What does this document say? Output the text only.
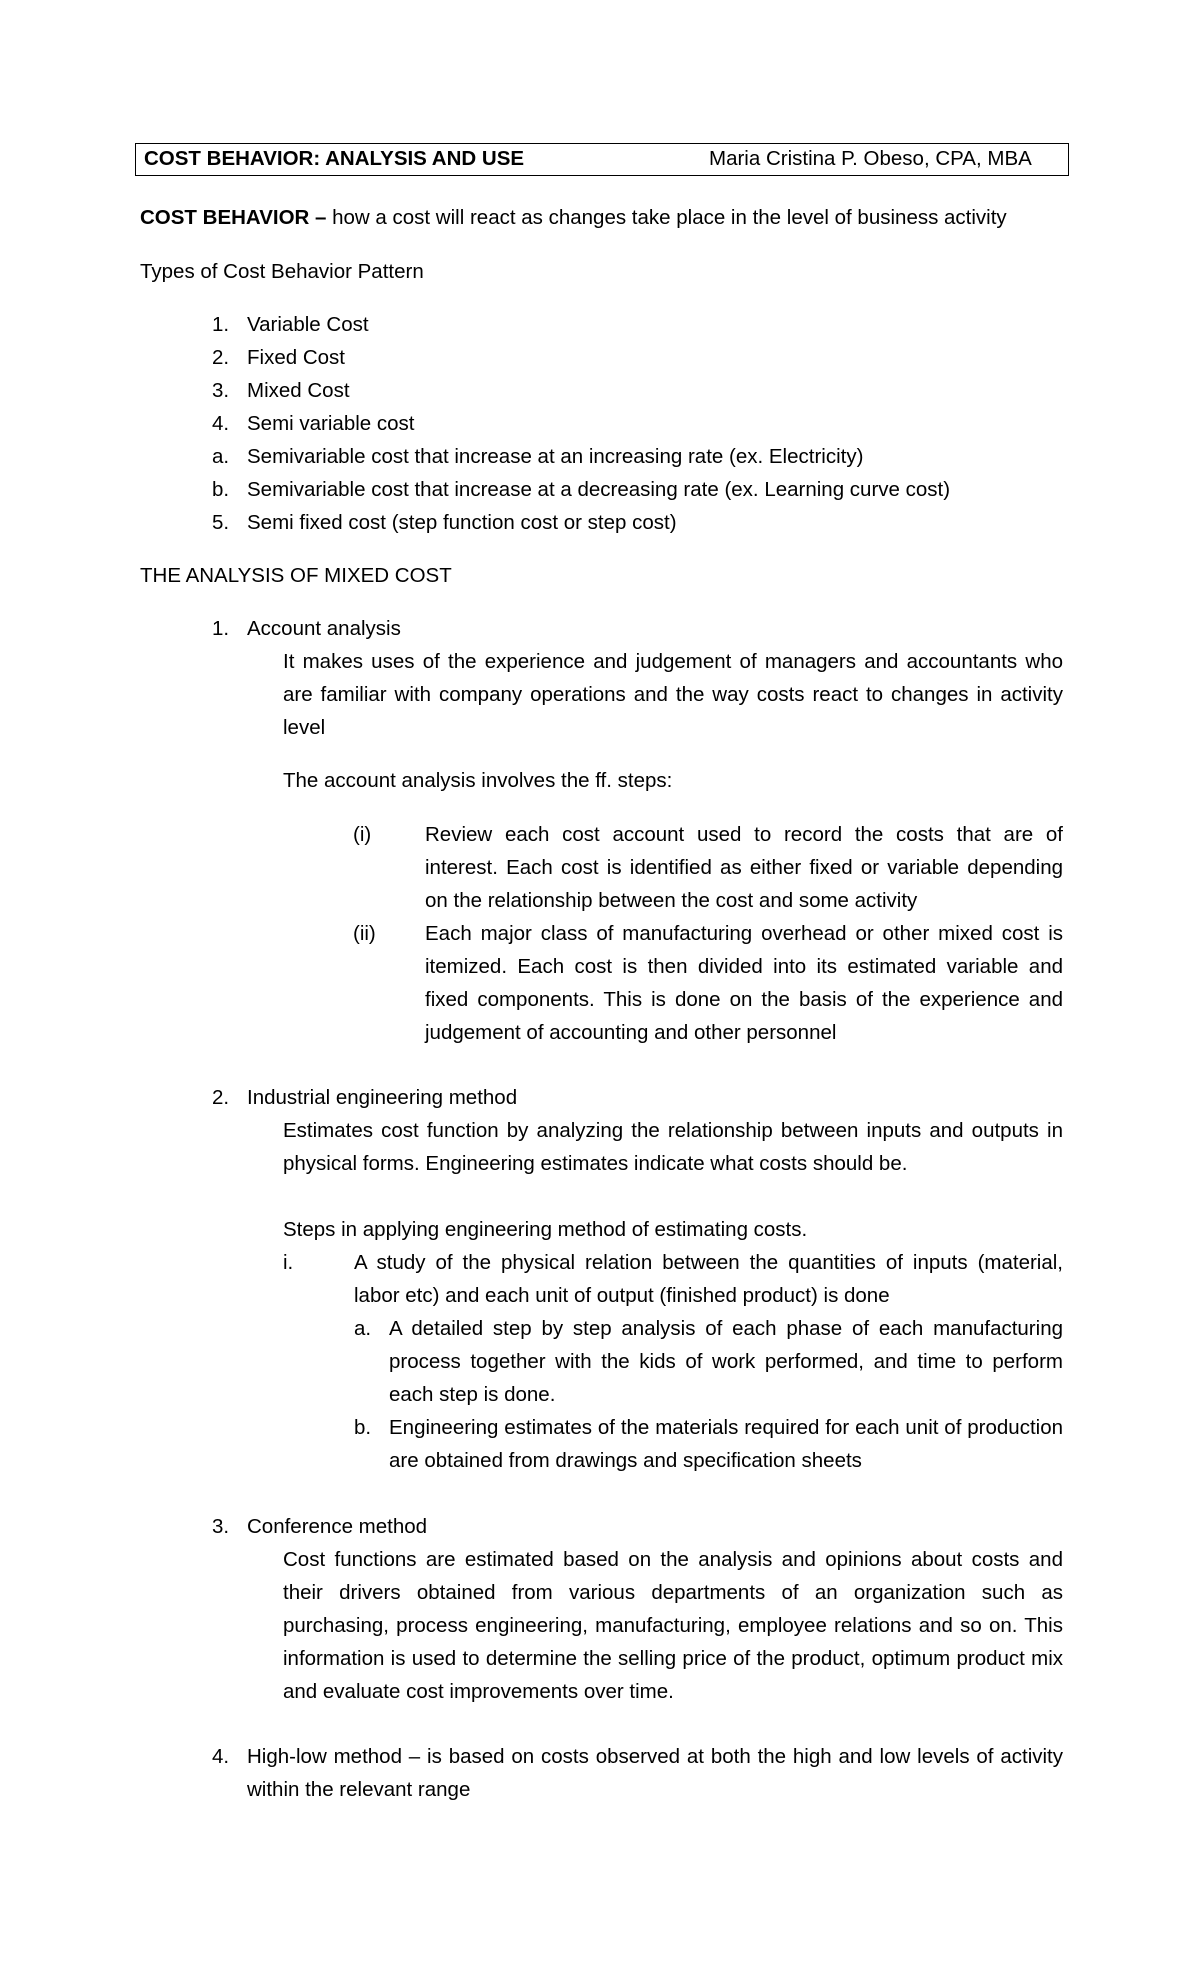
COST BEHAVIOR: ANALYSIS AND USE	Maria Cristina P. Obeso, CPA, MBA
COST BEHAVIOR – how a cost will react as changes take place in the level of business activity
Types of Cost Behavior Pattern
1. Variable Cost
2. Fixed Cost
3. Mixed Cost
4. Semi variable cost
a. Semivariable cost that increase at an increasing rate (ex. Electricity)
b. Semivariable cost that increase at a decreasing rate (ex. Learning curve cost)
5. Semi fixed cost (step function cost or step cost)
THE ANALYSIS OF MIXED COST
1. Account analysis
It makes uses of the experience and judgement of managers and accountants who are familiar with company operations and the way costs react to changes in activity level
The account analysis involves the ff. steps:
(i)	Review each cost account used to record the costs that are of interest. Each cost is identified as either fixed or variable depending on the relationship between the cost and some activity
(ii) Each major class of manufacturing overhead or other mixed cost is itemized. Each cost is then divided into its estimated variable and fixed components. This is done on the basis of the experience and judgement of accounting and other personnel
2. Industrial engineering method
Estimates cost function by analyzing the relationship between inputs and outputs in physical forms. Engineering estimates indicate what costs should be.
Steps in applying engineering method of estimating costs.
i.	A study of the physical relation between the quantities of inputs (material, labor etc) and each unit of output (finished product) is done
a. A detailed step by step analysis of each phase of each manufacturing process together with the kids of work performed, and time to perform each step is done.
b. Engineering estimates of the materials required for each unit of production are obtained from drawings and specification sheets
3. Conference method
Cost functions are estimated based on the analysis and opinions about costs and their drivers obtained from various departments of an organization such as purchasing, process engineering, manufacturing, employee relations and so on. This information is used to determine the selling price of the product, optimum product mix and evaluate cost improvements over time.
4. High-low method – is based on costs observed at both the high and low levels of activity within the relevant range
